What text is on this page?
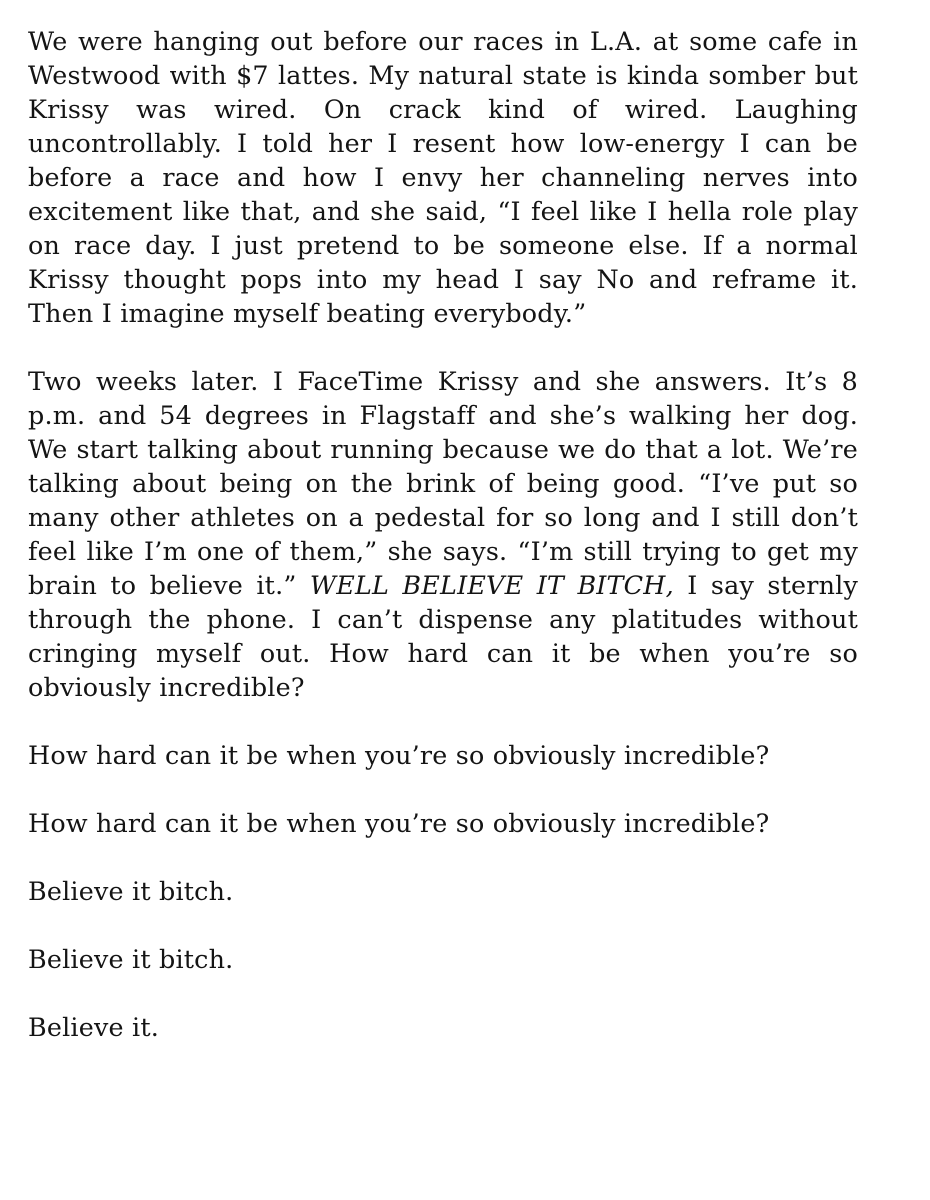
We were hanging out before our races in L.A. at some cafe in Westwood with $7 lattes. My natural state is kinda somber but Krissy was wired. On crack kind of wired. Laughing uncontrollably. I told her I resent how low-energy I can be before a race and how I envy her channeling nerves into excitement like that, and she said, “I feel like I hella role play on race day. I just pretend to be someone else. If a normal Krissy thought pops into my head I say No and reframe it. Then I imagine myself beating everybody.”

Two weeks later. I FaceTime Krissy and she answers. It’s 8 p.m. and 54 degrees in Flagstaff and she’s walking her dog. We start talking about running because we do that a lot. We’re talking about being on the brink of being good. “I’ve put so many other athletes on a pedestal for so long and I still don’t feel like I’m one of them,” she says. “I’m still trying to get my brain to believe it.” WELL BELIEVE IT BITCH, I say sternly through the phone. I can’t dispense any platitudes without cringing myself out. How hard can it be when you’re so obviously incredible?

How hard can it be when you’re so obviously incredible?

How hard can it be when you’re so obviously incredible?

Believe it bitch.

Believe it bitch.

Believe it.
